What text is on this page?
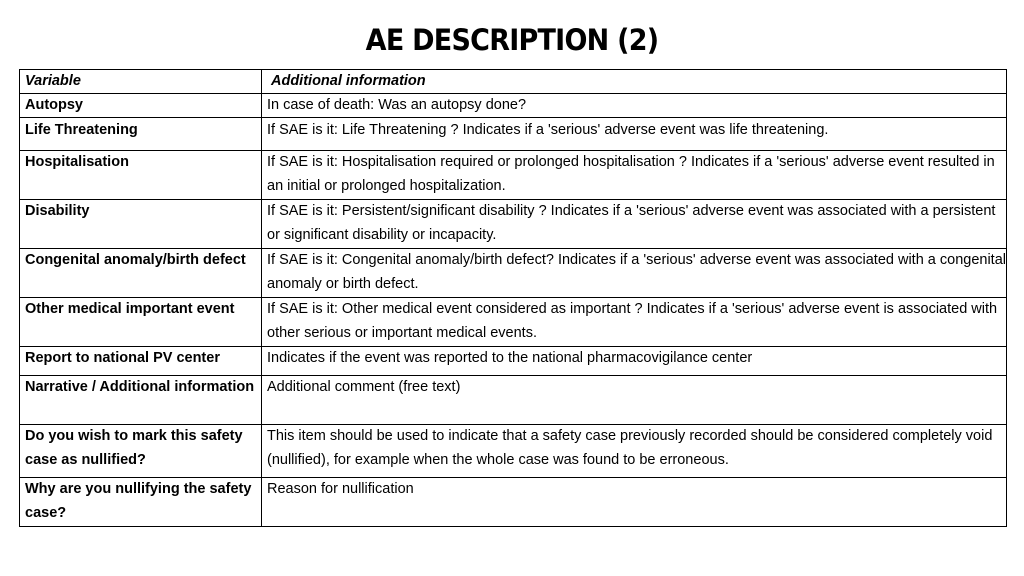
AE DESCRIPTION (2)
Variable	Additional information
Autopsy	In case of death: Was an autopsy done?
Life Threatening	If SAE is it: Life Threatening ? Indicates if a 'serious' adverse event was life threatening.
Hospitalisation	If SAE is it: Hospitalisation required or prolonged hospitalisation ? Indicates if a 'serious' adverse event resulted in an initial or prolonged hospitalization.
Disability	If SAE is it: Persistent/significant disability ? Indicates if a 'serious' adverse event was associated with a persistent or significant disability or incapacity.
Congenital anomaly/birth defect	If SAE is it: Congenital anomaly/birth defect? Indicates if a 'serious' adverse event was associated with a congenital anomaly or birth defect.
Other medical important event	If SAE is it: Other medical event considered as important ? Indicates if a 'serious' adverse event is associated with other serious or important medical events.
Report to national PV center	Indicates if the event was reported to the national pharmacovigilance center
Narrative / Additional information	Additional comment (free text)
Do you wish to mark this safety case as nullified?	This item should be used to indicate that a safety case previously recorded should be considered completely void (nullified), for example when the whole case was found to be erroneous.
Why are you nullifying the safety case?	Reason for nullification
